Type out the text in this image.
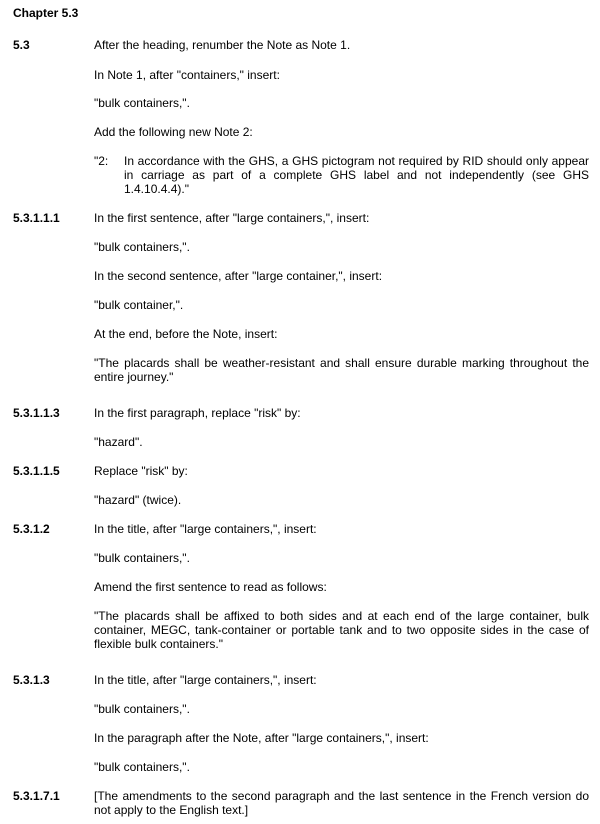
Chapter 5.3
5.3	After the heading, renumber the Note as Note 1.
In Note 1, after "containers," insert:
"bulk containers,".
Add the following new Note 2:
"2:	In accordance with the GHS, a GHS pictogram not required by RID should only appear in carriage as part of a complete GHS label and not independently (see GHS 1.4.10.4.4)."
5.3.1.1.1	In the first sentence, after "large containers,", insert:
"bulk containers,".
In the second sentence, after "large container,", insert:
"bulk container,".
At the end, before the Note, insert:
"The placards shall be weather-resistant and shall ensure durable marking throughout the entire journey."
5.3.1.1.3	In the first paragraph, replace "risk" by:
"hazard".
5.3.1.1.5	Replace "risk" by:
"hazard" (twice).
5.3.1.2	In the title, after "large containers,", insert:
"bulk containers,".
Amend the first sentence to read as follows:
"The placards shall be affixed to both sides and at each end of the large container, bulk container, MEGC, tank-container or portable tank and to two opposite sides in the case of flexible bulk containers."
5.3.1.3	In the title, after "large containers,", insert:
"bulk containers,".
In the paragraph after the Note, after "large containers,", insert:
"bulk containers,".
5.3.1.7.1	[The amendments to the second paragraph and the last sentence in the French version do not apply to the English text.]
